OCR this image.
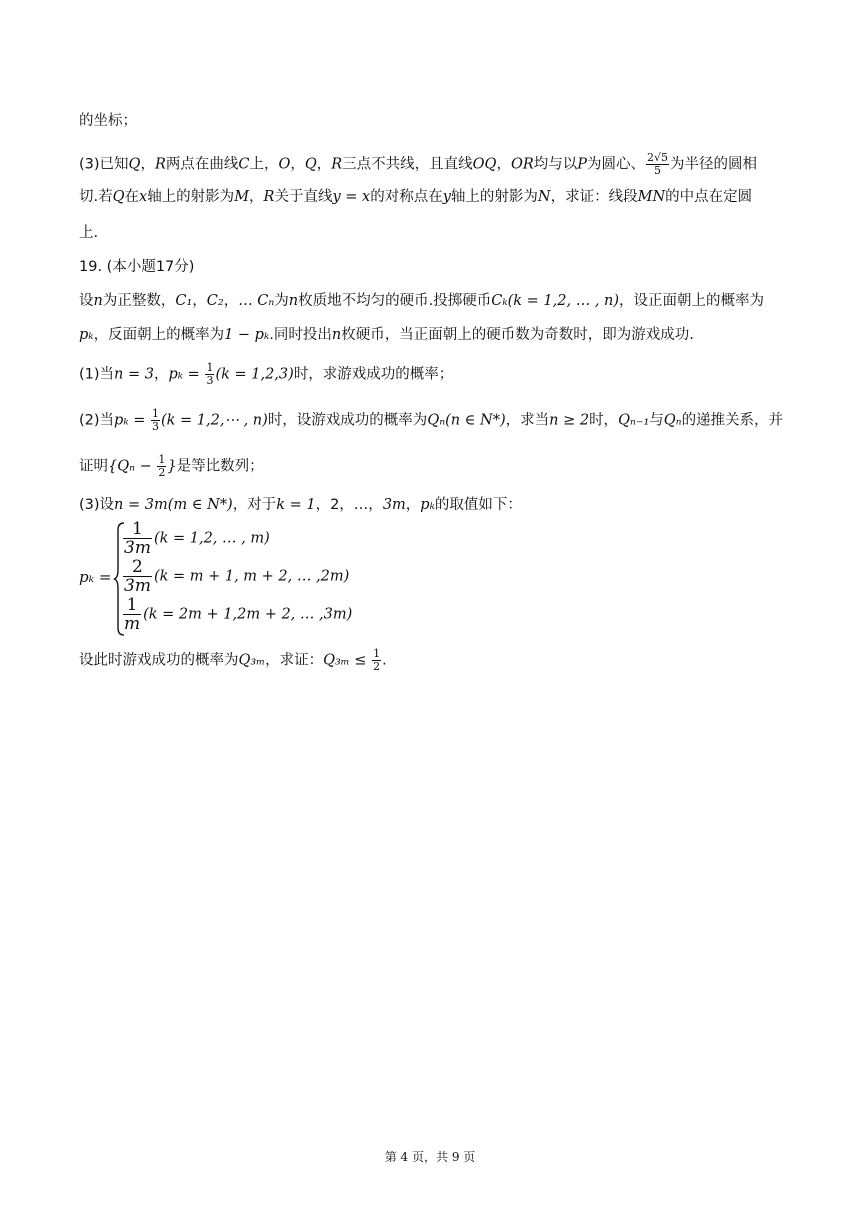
的坐标；
(3)已知Q，R两点在曲线C上，O，Q，R三点不共线，且直线OQ，OR均与以P为圆心、 $\frac{2√5}{5}$ 为半径的圆相
切.若Q在x轴上的射影为M，R关于直线y = x的对称点在y轴上的射影为N，求证：线段MN的中点在定圆
上.
19. (本小题17分)
设n为正整数，C₁，C₂，… Cₙ为n枚质地不均匀的硬币.投掷硬币Cₖ(k = 1,2, … , n)，设正面朝上的概率为
pₖ，反面朝上的概率为1 − pₖ.同时投出n枚硬币，当正面朝上的硬币数为奇数时，即为游戏成功.
(1)当n = 3，$p_k = \frac{1}{3} (k = 1,2,3)$时，求游戏成功的概率；
(2)当$p_k = \frac{1}{3} (k$ = 1,2,⋯ , n)时，设游戏成功的概率为Qₙ(n ∈ N*)，求当n ≥ 2时，Qₙ₋₁与Qₙ的递推关系，并
证明{$Q_n - \frac{1}{2}$ }是等比数列；
(3)设n = 3m(m ∈ N*)，对于k = 1，2，…，3m，pₖ的取值如下：
pₖ =
$\frac{1}{3m} (k = 1,2$, … , m)
$\frac{2}{3m} (k = m + 1$, m + 2, … ,2m)
$\frac{1}{m} (k = 2m + 1,2m + 2$, … ,3m)
设此时游戏成功的概率为Q₃ₘ，求证：$Q_{3m} \le \frac{1}{2}$ .
第 4 页，共 9 页
